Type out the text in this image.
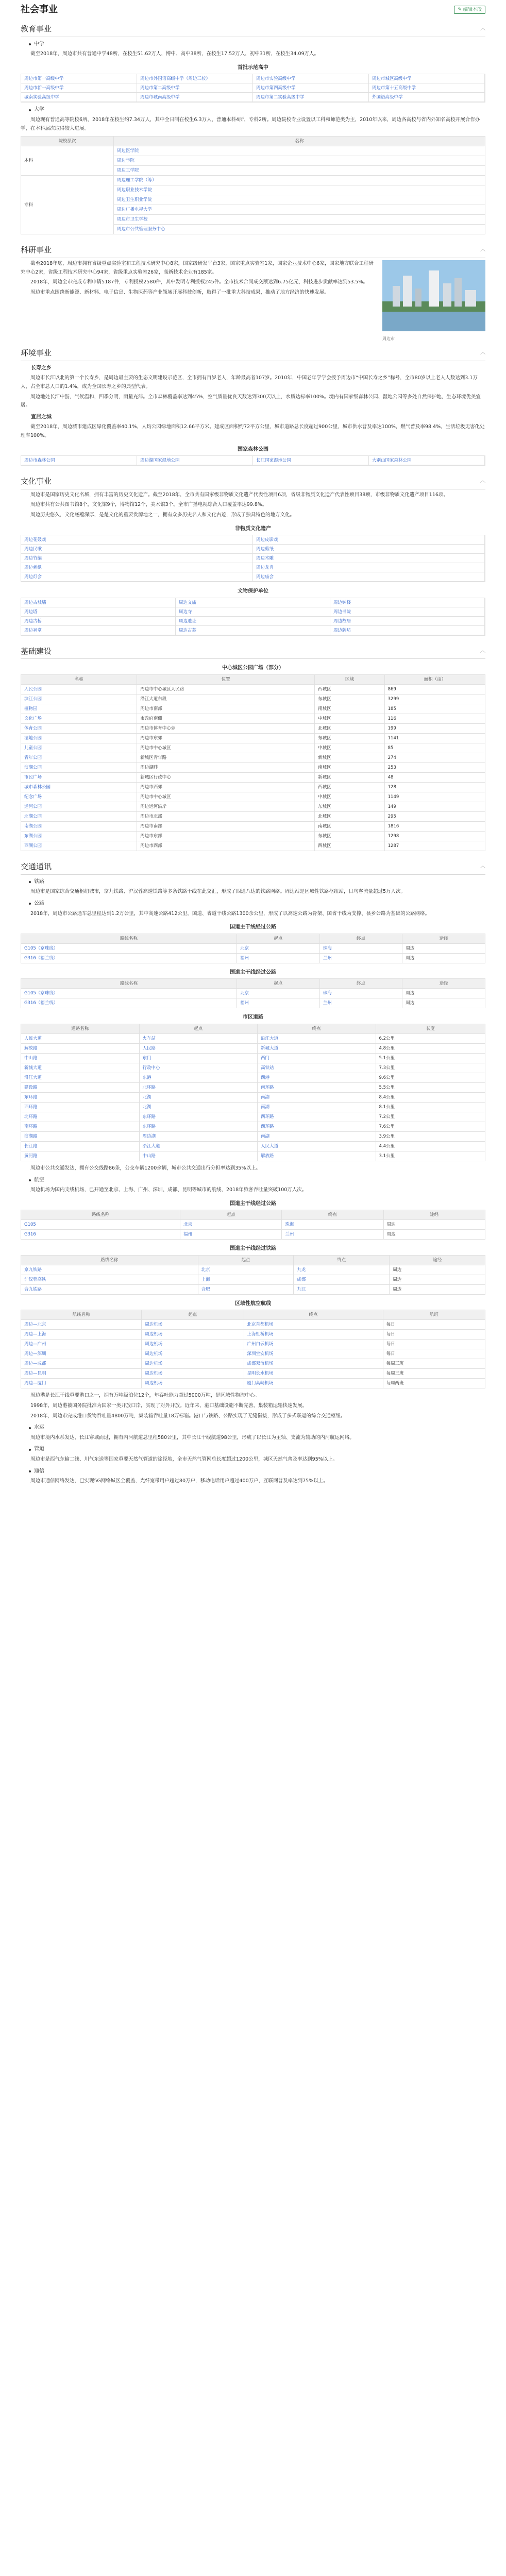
社会事业	✎ 编辑本段
教育事业	︿
中学

截至2018年，周边市共有普通中学48所，在校生51.62万人，博中、高中38所，在校生17.52万人，初中31所，在校生34.09万人。

首批示范高中
周边市第一高级中学	周边市外国语高级中学（周边三校）	周边市实验高级中学	周边市城区高级中学
周边市新一高级中学	周边市第二高级中学	周边市第四高级中学	周边市第十五高级中学
城南实验高级中学	周边市城南高级中学	周边市第二实验高级中学	外国语高级中学
大学

周边现有普通高等院校6所，2018年在校生约7.34万人，其中全日制在校生6.3万人，普通本科4所，专科2所。周边院校专业设置以工科和师范类为主，2010年以来，周边各高校与省内外知名高校开展合作办学，在本科层次取得较大进展。

院校层次	名称
本科	周边医学院
	周边学院
	周边工学院
专科	周边理工学院（筹）
	周边职业技术学院
	周边卫生职业学院
	周边广播电视大学
	周边市卫生学校
	周边市公共管理服务中心
科研事业	︿
周边市

截至2018年底，周边市拥有省级重点实验室和工程技术研究中心8家，国家级研发平台3家，国家重点实验室1家，国家企业技术中心6家，国家地方联合工程研究中心2家，省级工程技术研究中心94家，省级重点实验室26家，高新技术企业有185家。

2018年，周边全市完成专利申请5187件，专利授权2580件，其中发明专利授权245件。全市技术合同成交额达到6.75亿元，科技进步贡献率达到53.5%。

周边市重点围绕新能源、新材料、电子信息、生物医药等产业领域开展科技创新，取得了一批重大科技成果，推动了地方经济的快速发展。

环境事业	︿
长寿之乡

周边市长江以北的第一个长寿乡，是周边最主要的生态文明建设示范区，全市拥有百岁老人，年龄最高者107岁。2010年，中国老年学学会授予周边市“中国长寿之乡”称号，全市80岁以上老人人数达到3.1万人，占全市总人口的1.4%，成为全国长寿之乡的典型代表。

周边地处长江中游，气候温和，四季分明，雨量充沛。全市森林覆盖率达到45%，空气质量优良天数达到300天以上，水质达标率100%。境内有国家级森林公园、湿地公园等多处自然保护地，生态环境优美宜居。

宜居之城

截至2018年，周边城市建成区绿化覆盖率40.1%，人均公园绿地面积12.66平方米。建成区面积约72平方公里，城市道路总长度超过900公里，城市供水普及率达100%，燃气普及率98.4%，生活垃圾无害化处理率100%。

国家森林公园
周边市森林公园	周边湖国家湿地公园	长江国家湿地公园	大别山国家森林公园
文化事业	︿

周边市是国家历史文化名城，拥有丰富的历史文化遗产。截至2018年，全市共有国家级非物质文化遗产代表性项目6项，省级非物质文化遗产代表性项目38项，市级非物质文化遗产项目116项。

周边市共有公共图书馆8个，文化馆9个，博物馆12个，美术馆3个。全市广播电视综合人口覆盖率达99.8%。

周边历史悠久，文化底蕴深厚，是楚文化的重要发源地之一，拥有众多历史名人和文化古迹，形成了独具特色的地方文化。

非物质文化遗产
周边花鼓戏	周边皮影戏
周边民歌	周边剪纸
周边竹编	周边木雕
周边刺绣	周边龙舟
周边灯会	周边庙会
文物保护单位
周边古城墙	周边文庙	周边钟楼
周边塔	周边寺	周边书院
周边古桥	周边遗址	周边故居
周边祠堂	周边古墓	周边牌坊
基础建设	︿
中心城区公园广场（部分）
名称	位置	区域	面积（亩）
人民公园	周边市中心城区人民路	西城区	869
滨江公园	沿江大道东段	东城区	3299
植物园	周边市南部	南城区	185
文化广场	市政府南侧	中城区	116
体育公园	周边市体育中心旁	北城区	199
湿地公园	周边市东郊	东城区	1141
儿童公园	周边市中心城区	中城区	85
青年公园	新城区青年路	新城区	274
滨湖公园	周边湖畔	南城区	253
市民广场	新城区行政中心	新城区	48
城市森林公园	周边市西郊	西城区	128
纪念广场	周边市中心城区	中城区	1149
运河公园	周边运河沿岸	东城区	149
北湖公园	周边市北部	北城区	295
南湖公园	周边市南部	南城区	1816
东湖公园	周边市东部	东城区	1298
西湖公园	周边市西部	西城区	1287
交通通讯	︿
铁路

周边市是国家综合交通枢纽城市，京九铁路、沪汉蓉高速铁路等多条铁路干线在此交汇，形成了四通八达的铁路网络。周边站是区域性铁路枢纽站，日均客流量超过5万人次。

公路

2018年，周边市公路通车总里程达到1.2万公里，其中高速公路412公里，国道、省道干线公路1300余公里，形成了以高速公路为骨架、国省干线为支撑、县乡公路为基础的公路网络。

国道主干线经过公路
路线名称	起点	终点	途经
G105（京珠线）	北京	珠海	周边
G316（福兰线）	福州	兰州	周边
国道主干线经过公路
路线名称	起点	终点	途经
G105（京珠线）	北京	珠海	周边
G316（福兰线）	福州	兰州	周边
市区道路
道路名称	起点	终点	长度
人民大道	火车站	沿江大道	6.2公里
解放路	人民路	新城大道	4.8公里
中山路	东门	西门	5.1公里
新城大道	行政中心	高铁站	7.3公里
沿江大道	东港	西港	9.6公里
建设路	北环路	南环路	5.5公里
东环路	北湖	南湖	8.4公里
西环路	北湖	南湖	8.1公里
北环路	东环路	西环路	7.2公里
南环路	东环路	西环路	7.6公里
滨湖路	周边湖	南湖	3.9公里
长江路	沿江大道	人民大道	4.4公里
黄河路	中山路	解放路	3.1公里

周边市公共交通发达，拥有公交线路86条，公交车辆1200余辆，城市公共交通出行分担率达到35%以上。

航空

周边机场为国内支线机场，已开通至北京、上海、广州、深圳、成都、昆明等城市的航线，2018年旅客吞吐量突破100万人次。

国道主干线经过公路
路线名称	起点	终点	途经
G105	北京	珠海	周边
G316	福州	兰州	周边
国道主干线经过铁路
路线名称	起点	终点	途经
京九铁路	北京	九龙	周边
沪汉蓉高铁	上海	成都	周边
合九铁路	合肥	九江	周边
区域性航空航线
航线名称	起点	终点	航班
周边—北京	周边机场	北京首都机场	每日
周边—上海	周边机场	上海虹桥机场	每日
周边—广州	周边机场	广州白云机场	每日
周边—深圳	周边机场	深圳宝安机场	每日
周边—成都	周边机场	成都双流机场	每周三班
周边—昆明	周边机场	昆明长水机场	每周三班
周边—厦门	周边机场	厦门高崎机场	每周两班

周边港是长江干线重要港口之一，拥有万吨级泊位12个，年吞吐能力超过5000万吨，是区域性物流中心。

1998年，周边港被国务院批准为国家一类开放口岸，实现了对外开放。近年来，港口基础设施不断完善，集装箱运输快速发展。

2018年，周边市完成港口货物吞吐量4800万吨，集装箱吞吐量18万标箱。港口与铁路、公路实现了无缝衔接，形成了多式联运的综合交通枢纽。

水运

周边市境内水系发达，长江穿城而过，拥有内河航道总里程580公里，其中长江干线航道98公里，形成了以长江为主轴、支流为辅助的内河航运网络。

管道

周边市是西气东输二线、川气东送等国家重要天然气管道的途经地，全市天然气管网总长度超过1200公里，城区天然气普及率达到95%以上。

通信

周边市通信网络发达，已实现5G网络城区全覆盖，光纤宽带用户超过80万户，移动电话用户超过400万户，互联网普及率达到75%以上。
